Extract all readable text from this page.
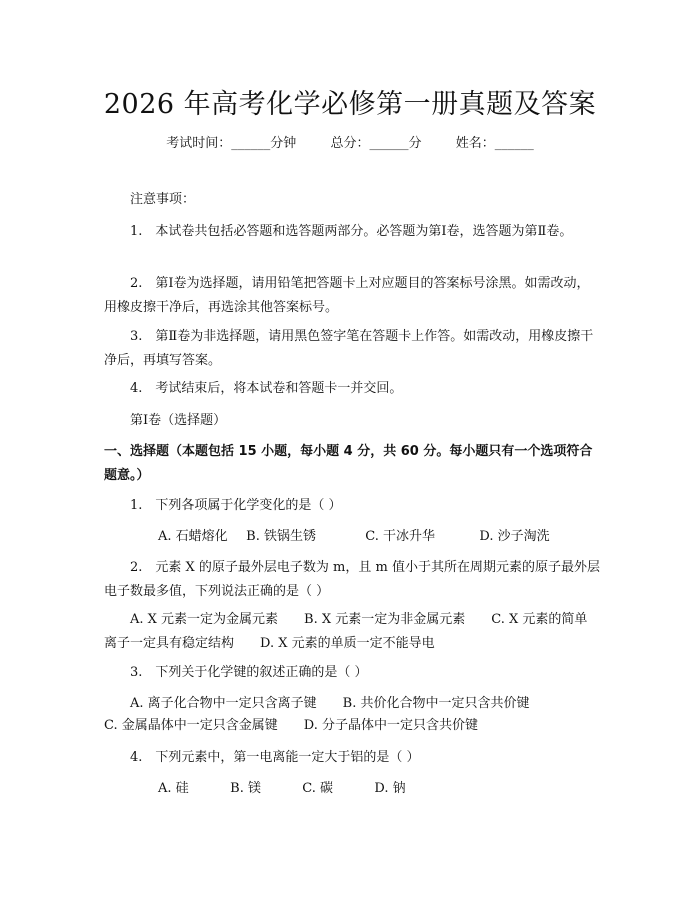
2026 年高考化学必修第一册真题及答案
考试时间：______分钟	总分：______分	姓名：______
注意事项：
1.　本试卷共包括必答题和选答题两部分。必答题为第Ⅰ卷，选答题为第Ⅱ卷。
2.　第Ⅰ卷为选择题，请用铅笔把答题卡上对应题目的答案标号涂黑。如需改动，用橡皮擦干净后，再选涂其他答案标号。
3.　第Ⅱ卷为非选择题，请用黑色签字笔在答题卡上作答。如需改动，用橡皮擦干净后，再填写答案。
4.　考试结束后，将本试卷和答题卡一并交回。
第Ⅰ卷（选择题）
一、选择题（本题包括 15 小题，每小题 4 分，共 60 分。每小题只有一个选项符合题意。）
1.　下列各项属于化学变化的是（ ）
A. 石蜡熔化 B. 铁锅生锈	C. 干冰升华	D. 沙子淘洗
2.　元素 X 的原子最外层电子数为 m，且 m 值小于其所在周期元素的原子最外层电子数最多值，下列说法正确的是（ ）
A. X 元素一定为金属元素　　B. X 元素一定为非金属元素　　C. X 元素的简单离子一定具有稳定结构　　D. X 元素的单质一定不能导电
3.　下列关于化学键的叙述正确的是（ ）
A. 离子化合物中一定只含离子键　　B. 共价化合物中一定只含共价键
C. 金属晶体中一定只含金属键　　D. 分子晶体中一定只含共价键
4.　下列元素中，第一电离能一定大于铝的是（ ）
A. 硅	B. 镁	C. 碳	D. 钠
